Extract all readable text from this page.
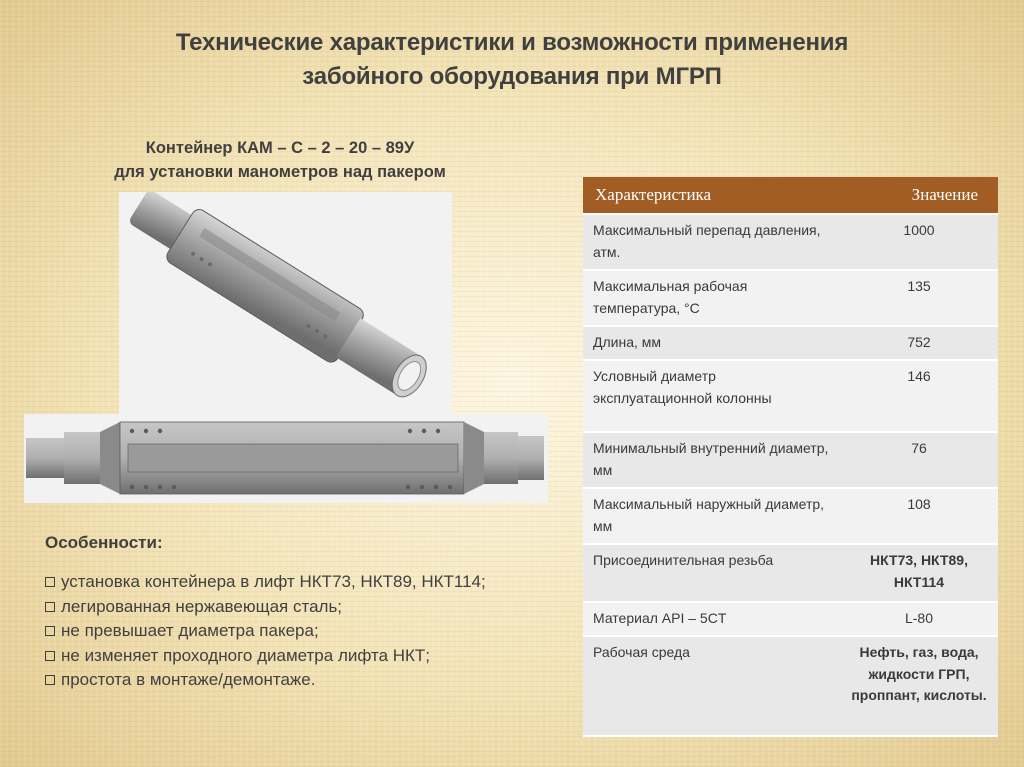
Технические характеристики и возможности применения
забойного оборудования при МГРП
Контейнер КАМ – С – 2 – 20 – 89У
для установки манометров над пакером
Характеристика	Значение
Максимальный перепад давления, атм.	1000
Максимальная рабочая температура, °С	135
Длина, мм	752
Условный диаметр эксплуатационной колонны	146
Минимальный внутренний диаметр, мм	76
Максимальный наружный диаметр, мм	108
Присоединительная резьба	НКТ73, НКТ89, НКТ114
Материал API – 5CT	L-80
Рабочая среда	Нефть, газ, вода, жидкости ГРП, проппант, кислоты.
Особенности:
установка контейнера в лифт НКТ73, НКТ89, НКТ114;
легированная нержавеющая сталь;
не превышает диаметра пакера;
не изменяет проходного диаметра лифта НКТ;
простота в монтаже/демонтаже.
